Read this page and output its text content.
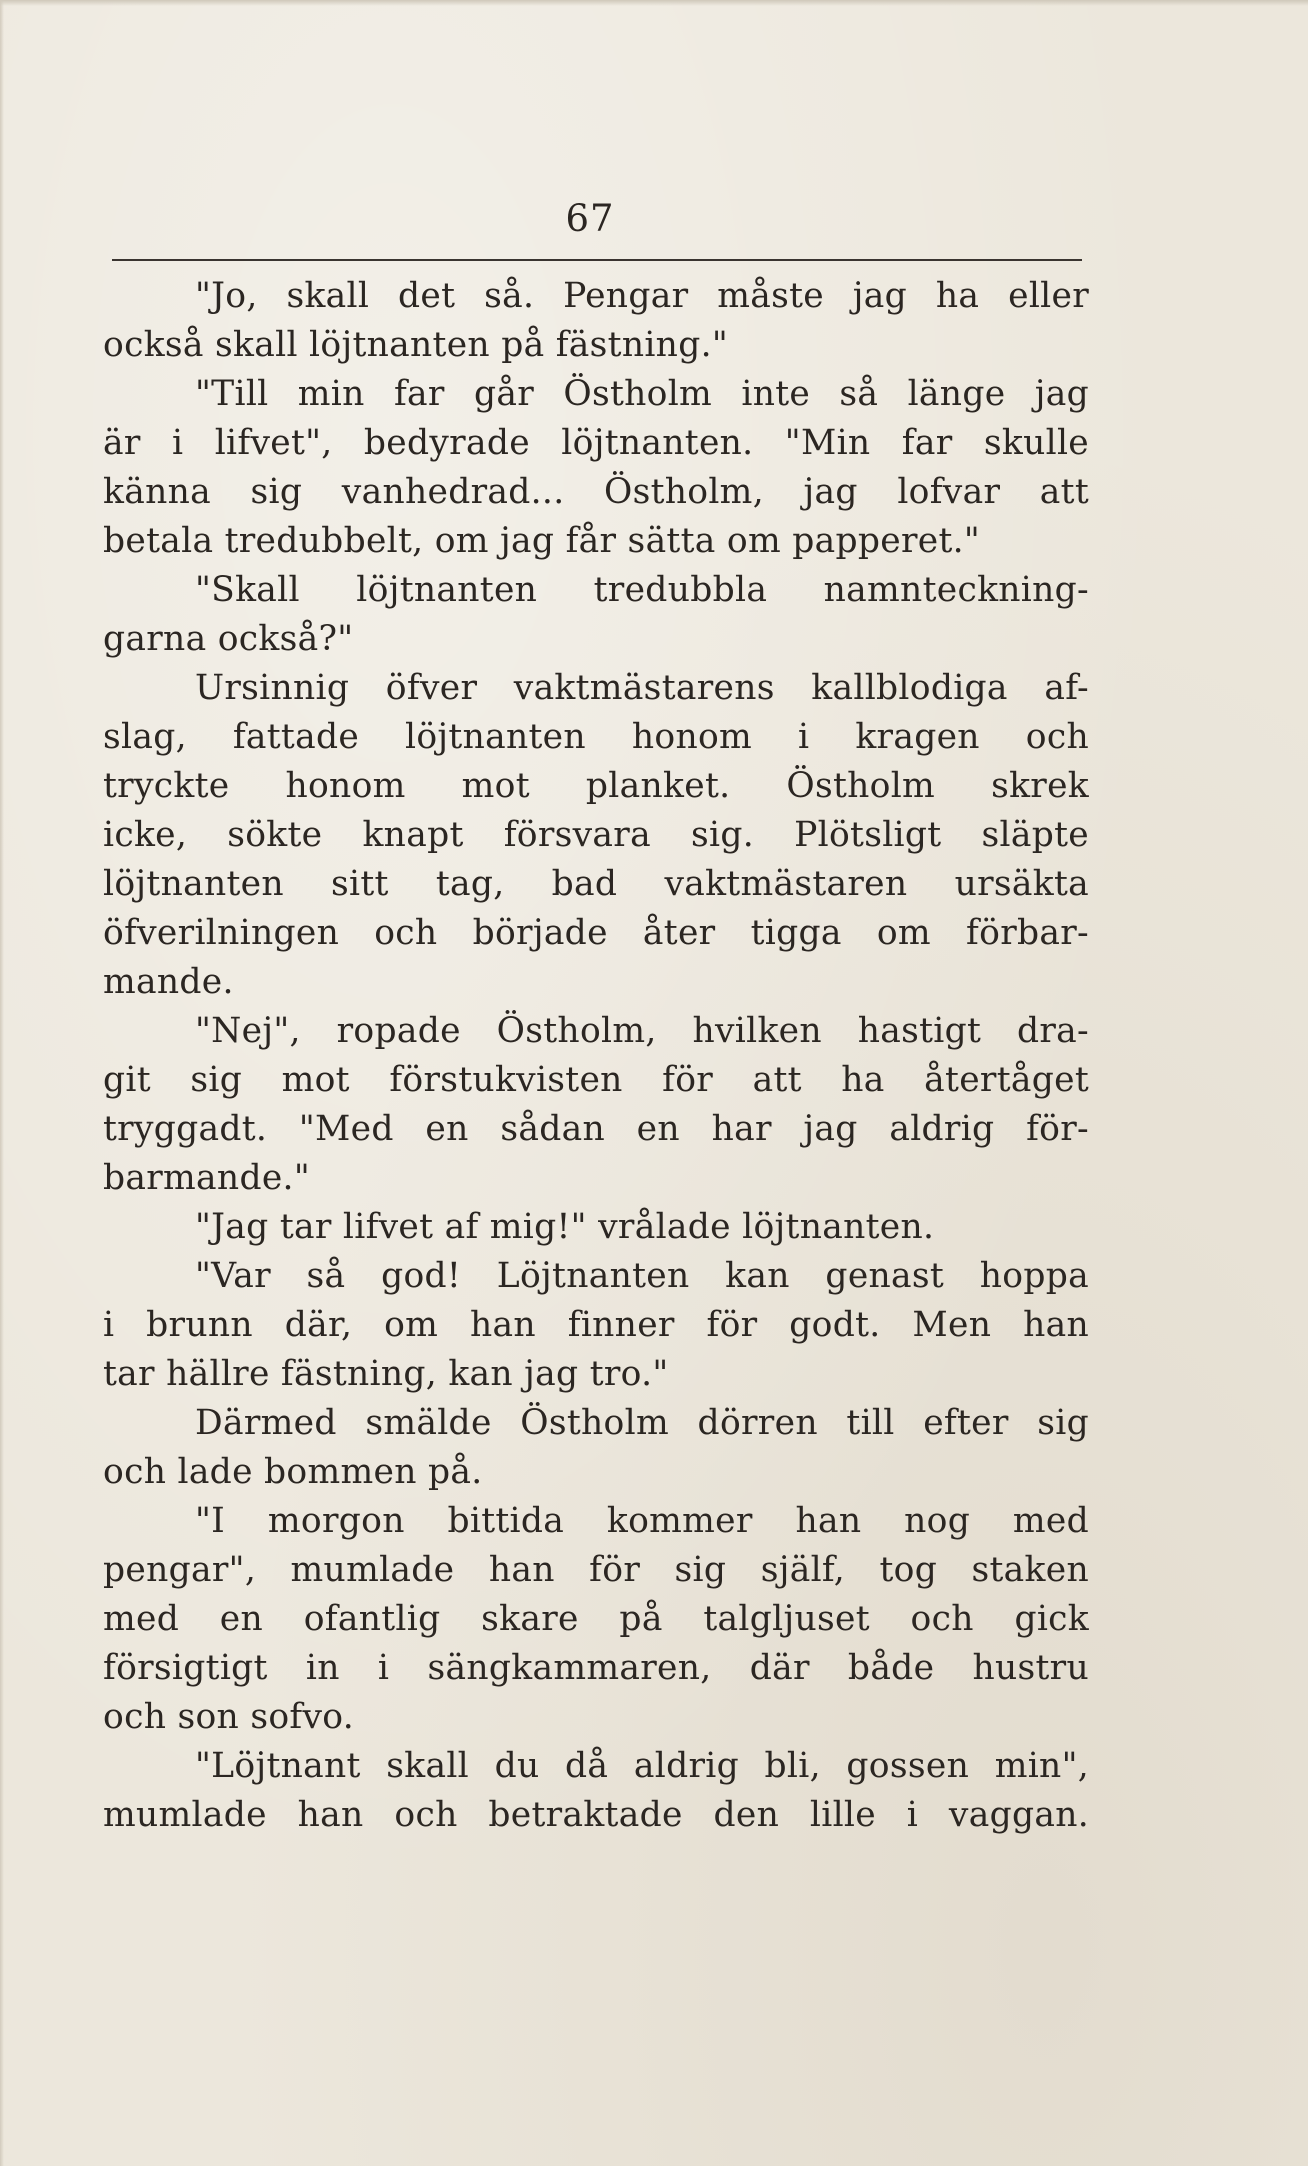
67
"Jo, skall det så. Pengar måste jag ha eller
också skall löjtnanten på fästning."
"Till min far går Östholm inte så länge jag
är i lifvet", bedyrade löjtnanten. "Min far skulle
känna sig vanhedrad... Östholm, jag lofvar att
betala tredubbelt, om jag får sätta om papperet."
"Skall löjtnanten tredubbla namnteckning-
garna också?"
Ursinnig öfver vaktmästarens kallblodiga af-
slag, fattade löjtnanten honom i kragen och
tryckte honom mot planket. Östholm skrek
icke, sökte knapt försvara sig. Plötsligt släpte
löjtnanten sitt tag, bad vaktmästaren ursäkta
öfverilningen och började åter tigga om förbar-
mande.
"Nej", ropade Östholm, hvilken hastigt dra-
git sig mot förstukvisten för att ha återtåget
tryggadt. "Med en sådan en har jag aldrig för-
barmande."
"Jag tar lifvet af mig!" vrålade löjtnanten.
"Var så god! Löjtnanten kan genast hoppa
i brunn där, om han finner för godt. Men han
tar hällre fästning, kan jag tro."
Därmed smälde Östholm dörren till efter sig
och lade bommen på.
"I morgon bittida kommer han nog med
pengar", mumlade han för sig själf, tog staken
med en ofantlig skare på talgljuset och gick
försigtigt in i sängkammaren, där både hustru
och son sofvo.
"Löjtnant skall du då aldrig bli, gossen min",
mumlade han och betraktade den lille i vaggan.
